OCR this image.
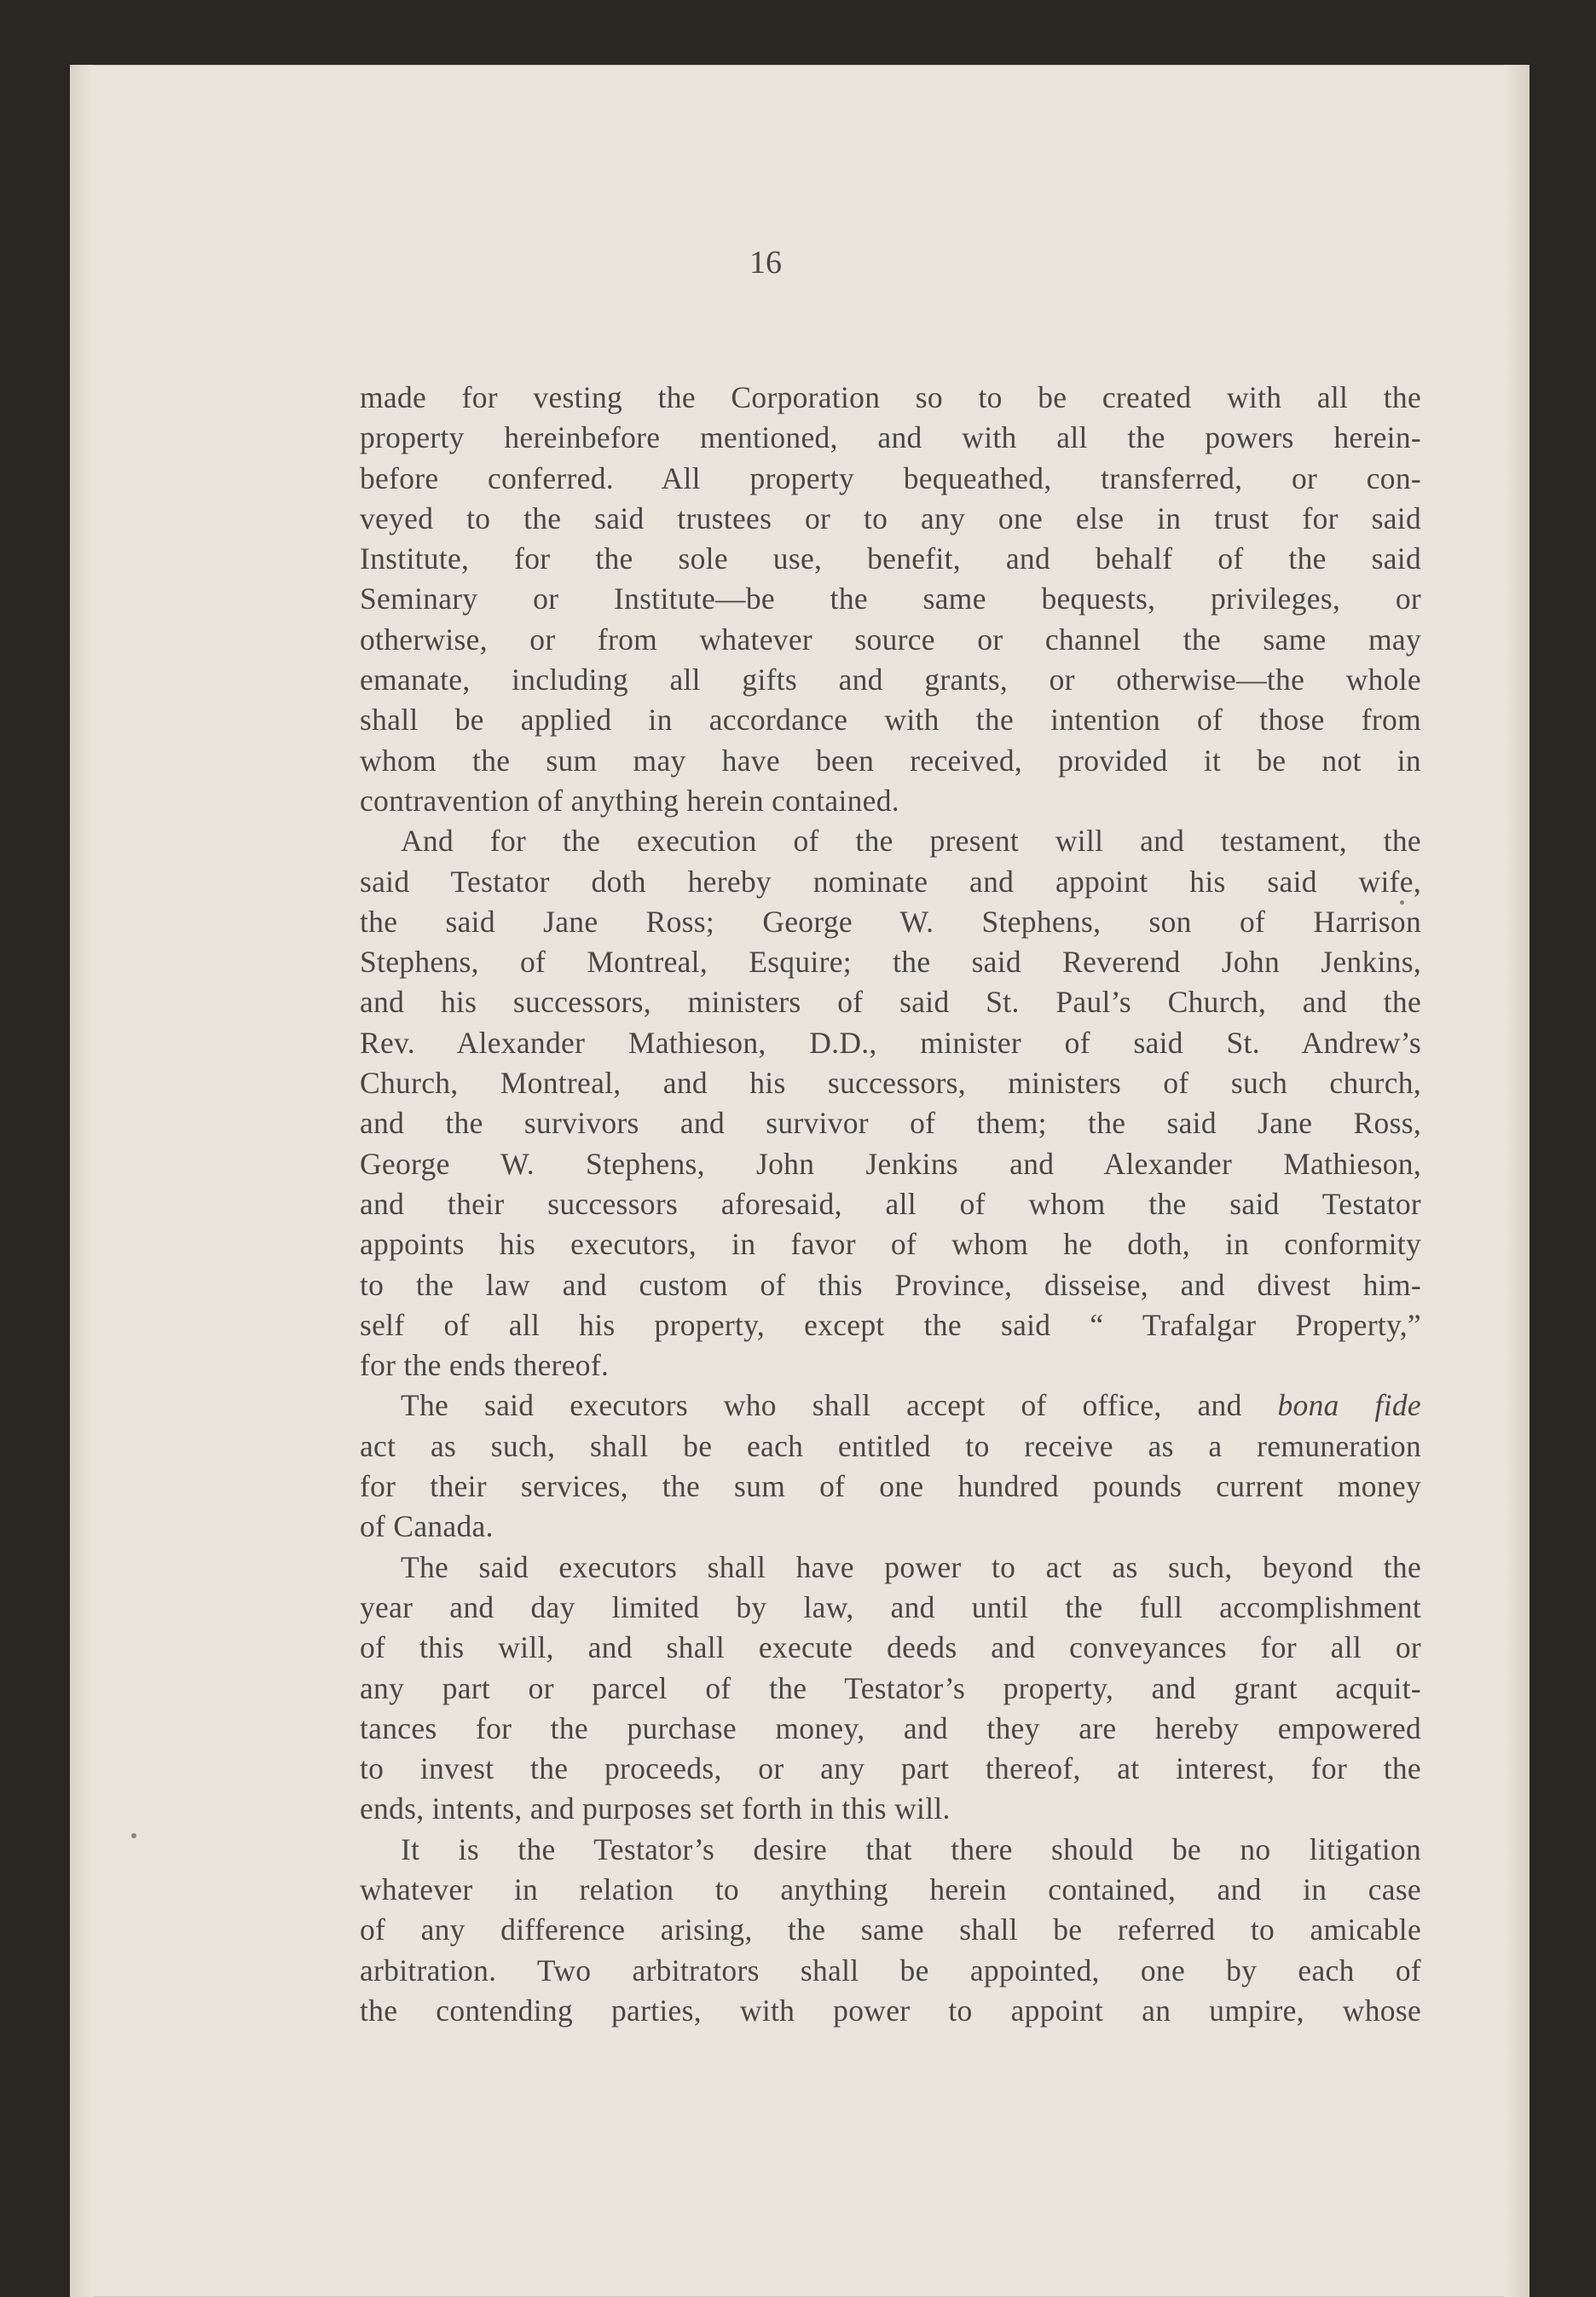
16

made for vesting the Corporation so to be created with all the

property hereinbefore mentioned, and with all the powers herein-

before conferred. All property bequeathed, transferred, or con-

veyed to the said trustees or to any one else in trust for said

Institute, for the sole use, benefit, and behalf of the said

Seminary or Institute—be the same bequests, privileges, or

otherwise, or from whatever source or channel the same may

emanate, including all gifts and grants, or otherwise—the whole

shall be applied in accordance with the intention of those from

whom the sum may have been received, provided it be not in

contravention of anything herein contained.

And for the execution of the present will and testament, the

said Testator doth hereby nominate and appoint his said wife,

the said Jane Ross; George W. Stephens, son of Harrison

Stephens, of Montreal, Esquire; the said Reverend John Jenkins,

and his successors, ministers of said St. Paul’s Church, and the

Rev. Alexander Mathieson, D.D., minister of said St. Andrew’s

Church, Montreal, and his successors, ministers of such church,

and the survivors and survivor of them; the said Jane Ross,

George W. Stephens, John Jenkins and Alexander Mathieson,

and their successors aforesaid, all of whom the said Testator

appoints his executors, in favor of whom he doth, in conformity

to the law and custom of this Province, disseise, and divest him-

self of all his property, except the said “ Trafalgar Property,”

for the ends thereof.

The said executors who shall accept of office, and bona fide

act as such, shall be each entitled to receive as a remuneration

for their services, the sum of one hundred pounds current money

of Canada.

The said executors shall have power to act as such, beyond the

year and day limited by law, and until the full accomplishment

of this will, and shall execute deeds and conveyances for all or

any part or parcel of the Testator’s property, and grant acquit-

tances for the purchase money, and they are hereby empowered

to invest the proceeds, or any part thereof, at interest, for the

ends, intents, and purposes set forth in this will.

It is the Testator’s desire that there should be no litigation

whatever in relation to anything herein contained, and in case

of any difference arising, the same shall be referred to amicable

arbitration. Two arbitrators shall be appointed, one by each of

the contending parties, with power to appoint an umpire, whose
